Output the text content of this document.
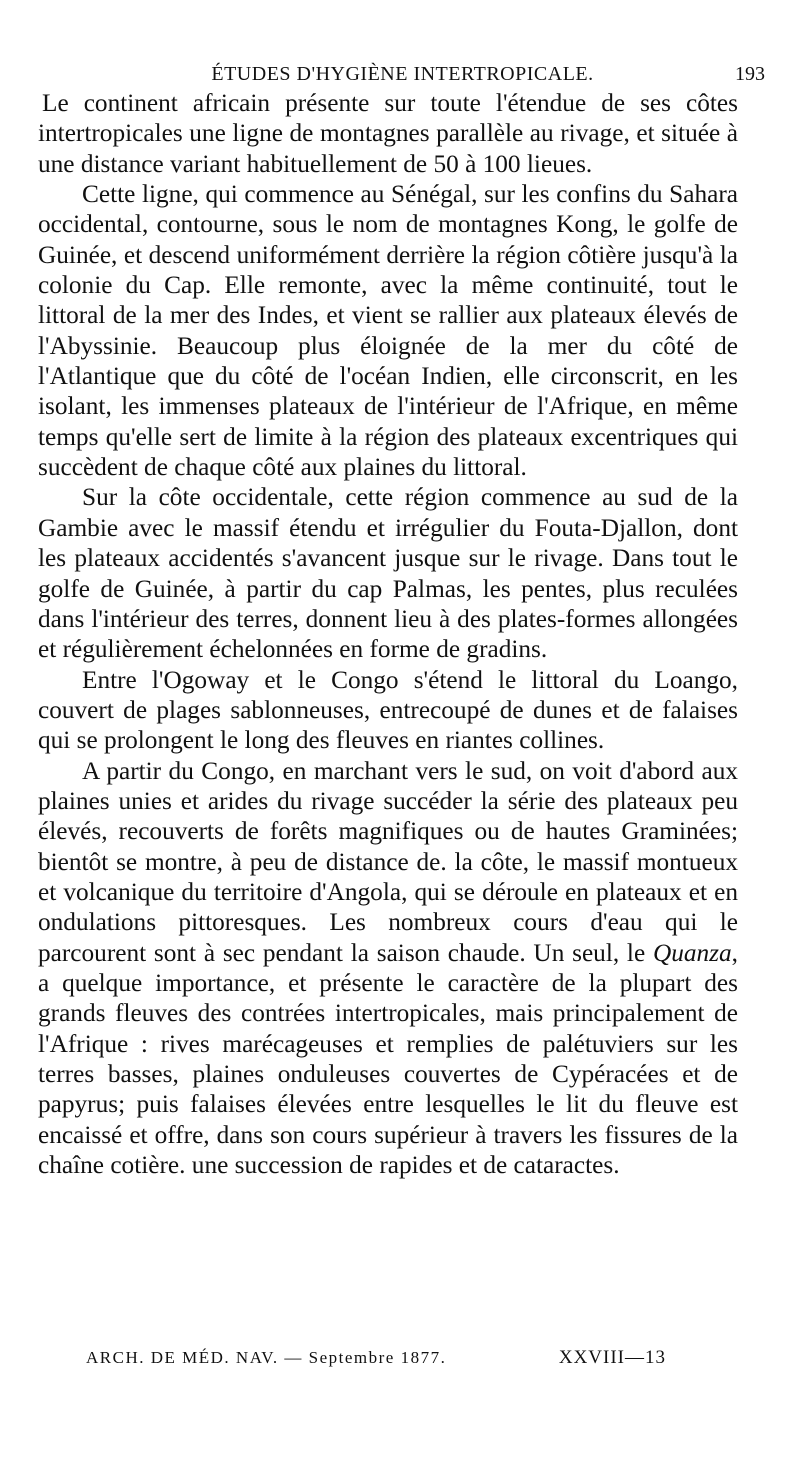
ÉTUDES D'HYGIÈNE INTERTROPICALE.	193

Le continent africain présente sur toute l'étendue de ses côtes intertropicales une ligne de montagnes parallèle au rivage, et située à une distance variant habituellement de 50 à 100 lieues.

Cette ligne, qui commence au Sénégal, sur les confins du Sahara occidental, contourne, sous le nom de montagnes Kong, le golfe de Guinée, et descend uniformément derrière la région côtière jusqu'à la colonie du Cap. Elle remonte, avec la même continuité, tout le littoral de la mer des Indes, et vient se rallier aux plateaux élevés de l'Abyssinie. Beaucoup plus éloignée de la mer du côté de l'Atlantique que du côté de l'océan Indien, elle circonscrit, en les isolant, les immenses plateaux de l'intérieur de l'Afrique, en même temps qu'elle sert de limite à la région des plateaux excentriques qui succèdent de chaque côté aux plaines du littoral.

Sur la côte occidentale, cette région commence au sud de la Gambie avec le massif étendu et irrégulier du Fouta-Djallon, dont les plateaux accidentés s'avancent jusque sur le rivage. Dans tout le golfe de Guinée, à partir du cap Palmas, les pentes, plus reculées dans l'intérieur des terres, donnent lieu à des plates-formes allongées et régulièrement échelonnées en forme de gradins.

Entre l'Ogoway et le Congo s'étend le littoral du Loango, couvert de plages sablonneuses, entrecoupé de dunes et de falaises qui se prolongent le long des fleuves en riantes collines.

A partir du Congo, en marchant vers le sud, on voit d'abord aux plaines unies et arides du rivage succéder la série des plateaux peu élevés, recouverts de forêts magnifiques ou de hautes Graminées; bientôt se montre, à peu de distance de. la côte, le massif montueux et volcanique du territoire d'Angola, qui se déroule en plateaux et en ondulations pittoresques. Les nombreux cours d'eau qui le parcourent sont à sec pendant la saison chaude. Un seul, le Quanza, a quelque importance, et présente le caractère de la plupart des grands fleuves des contrées intertropicales, mais principalement de l'Afrique : rives marécageuses et remplies de palétuviers sur les terres basses, plaines onduleuses couvertes de Cypéracées et de papyrus; puis falaises élevées entre lesquelles le lit du fleuve est encaissé et offre, dans son cours supérieur à travers les fissures de la chaîne cotière. une succession de rapides et de cataractes.

ARCH. DE MÉD. NAV. — Septembre 1877.	XXVIII—13
